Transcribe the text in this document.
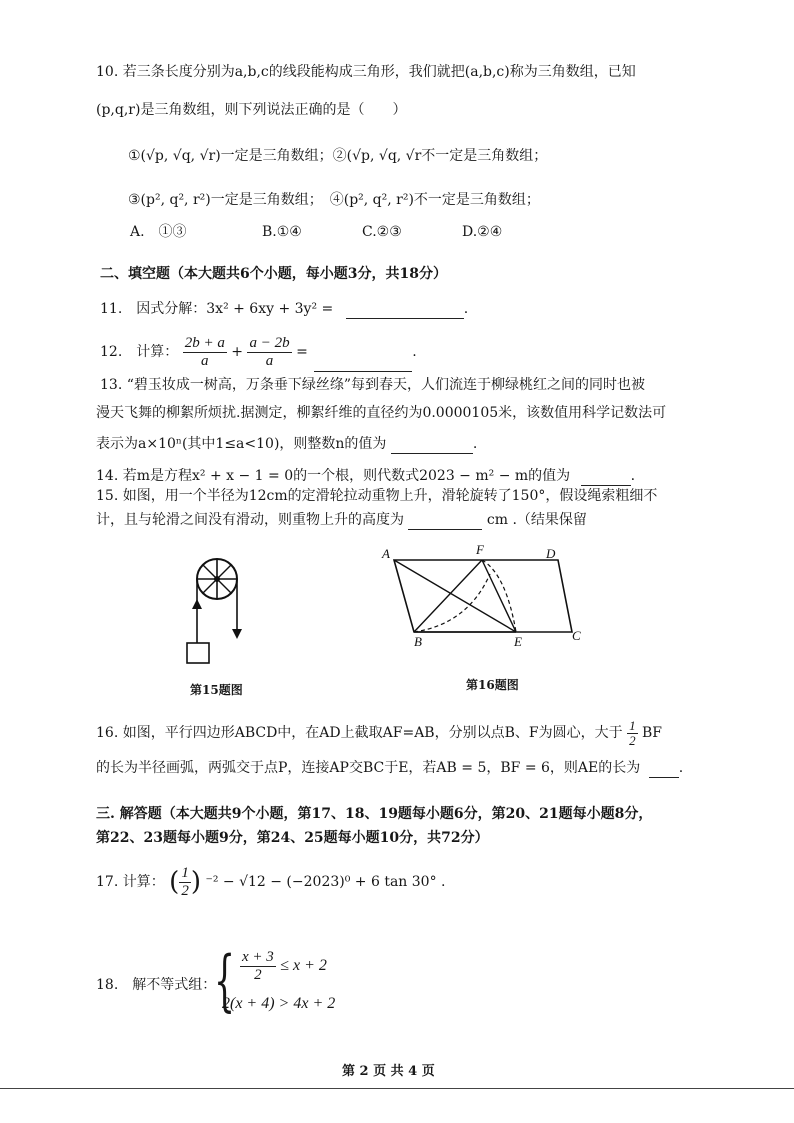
10. 若三条长度分别为a,b,c的线段能构成三角形，我们就把(a,b,c)称为三角数组，已知
(p,q,r)是三角数组，则下列说法正确的是（　　）
①(√p, √q, √r)一定是三角数组；②(√p, √q, √r不一定是三角数组；
③(p², q², r²)一定是三角数组；　④(p², q², r²)不一定是三角数组；
A.　①③	B.①④	C.②③	D.②④
二、填空题（本大题共6个小题，每小题3分，共18分）
11.　因式分解：3x² + 6xy + 3y² =	.
12.　计算： $\frac{2b + a}{a} + \frac{a - 2b}{a}$ =	.
13. “碧玉妆成一树高，万条垂下绿丝绦”每到春天，人们流连于柳绿桃红之间的同时也被
漫天飞舞的柳絮所烦扰.据测定，柳絮纤维的直径约为0.0000105米，该数值用科学记数法可
表示为a×10ⁿ(其中1≤a<10)，则整数n的值为	.
14. 若m是方程x² + x − 1 = 0的一个根，则代数式2023 − m² − m的值为	.
15. 如图，用一个半径为12cm的定滑轮拉动重物上升，滑轮旋转了150°，假设绳索粗细不
计，且与轮滑之间没有滑动，则重物上升的高度为	cm .（结果保留
第15题图
A	F	D
B	E	C
第16题图
16. 如图，平行四边形ABCD中，在AD上截取AF=AB，分别以点B、F为圆心，大于 $\frac{1}{2}$ BF
的长为半径画弧，两弧交于点P，连接AP交BC于E，若AB = 5，BF = 6，则AE的长为	.
三. 解答题（本大题共9个小题，第17、18、19题每小题6分，第20、21题每小题8分，
第22、23题每小题9分，第24、25题每小题10分，共72分）
17. 计算： ( $\frac{1}{2}$ ) ⁻² − √12 − (−2023)⁰ + 6 tan 30° .
18.　解不等式组：
{ $\frac{x + 3}{2} \le x + 2$
2(x + 4) > 4x + 2
第 2 页 共 4 页
